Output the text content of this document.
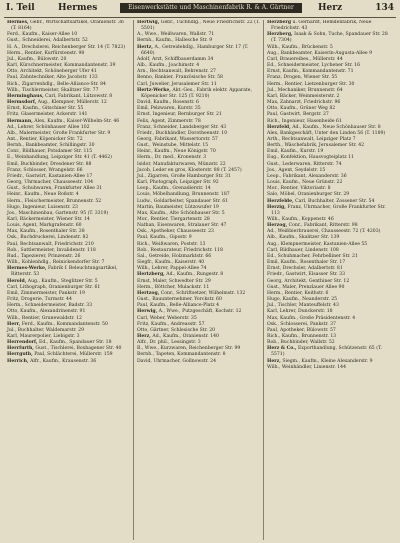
I. Teil	Hermes	Eisenwerkstätte und Maschinenfabrik R. & A. Gärtner	Herz	134

Hermes, Gebr., Wirtschaftsartikel, Oranienstr. 36 (T. 8164)

Ferd., Kaufm., Kaiser-Allee 10

Gust., Schneiderei, Adalbertstr. 52

H. A., Drechslerei, Reichenberger Str. 14 (T. 7823)

Herm., Rentier, Kurfürstenstr. 98

Jul., Kaufm., Bülowstr. 20

Karl, Kürschnermeister, Kommandantenstr. 39

Otto, Architekt, Schöneberger Ufer 41

Paul, Zahntechniker, Alte Jacobstr. 133

Rich., Zigarrenhdlg., Belle-Alliance-Str. 84

Wilh., Tischlermeister, Skalitzer Str. 77

Herminghaus, Carl, Fabrikant, Lützowstr. 8

Hermsdorf, Aug., Klempner, Müllerstr. 12

Ernst, Kaufm., Gitschiner Str. 55

Fritz, Glasermeister, Ackerstr. 141

Hermann, Alex, Kaufm., Kaiser-Wilhelm-Str. 46

Ad., Lehrer, Schönhauser Allee 102

Alb., Malermeister, Große Frankfurter Str. 9

Ant., Rentier, Köpenicker Str. 72

Bernh., Bankbeamter, Schillingstr. 30

Conr., Bildhauer, Potsdamer Str. 115

E., Weinhandlung, Leipziger Str. 41 (T. 4462)

Emil, Buchbinder, Dresdener Str. 88

Franz, Schlosser, Wrangelstr. 66

Friedr., Gastwirt, Kastanien-Allee 17

Georg, Uhrmacher, Chausseestr. 104

Gust., Schuhwaren, Frankfurter Allee 31

Heinr., Kaufm., Neue Roßstr. 4

Herm., Fleischermeister, Brunnenstr. 52

Hugo, Ingenieur, Luisenstr. 23

Jos., Maschinenbau, Gartenstr. 95 (T. 3319)

Karl, Bäckermeister, Wiener Str. 14

Louis, Agent, Markgrafenstr. 60

Max, Kaufm., Rosenthaler Str. 38

Osk., Buchdruckerei, Lindenstr. 82

Paul, Rechtsanwalt, Friedrichstr. 210

Rob., Sattlermeister, Invalidenstr. 118

Rud., Tapezierer, Prinzenstr. 26

Wilh., Kohlenhdlg., Reinickendorfer Str. 7

Hermes-Werke, Fabrik f. Beleuchtungsartikel, Ritterstr. 53

Herold, Aug., Kaufm., Steglitzer Str. 5

Carl, Lithograph, Oranienburger Str. 61

Emil, Zimmermeister, Pankstr. 19

Fritz, Drogerie, Turmstr. 44

Herm., Schneidermeister, Badstr. 33

Otto, Kaufm., Alexandrinenstr. 91

Wilh., Rentier, Grunewaldstr. 12

Herr, Ferd., Kaufm., Kommandantenstr. 50

Jul., Buchhalter, Waldemarstr. 29

Karl, Maurerpolier, Liebigstr. 3

Herrendorf, Ed., Kaufm., Spandauer Str. 18

Herrfurth, Gust., Tischlerei, Boxhagener Str. 40

Herrguth, Paul, Schlächterei, Müllerstr. 159

Herrich, Alfr., Kaufm., Krausenstr. 36

Hertwig, Gebr., Tuchhdlg., Neue Friedrichstr. 22 (T. 5501)

A., Wwe., Weißwaren, Wallstr. 71

Bernh., Kaufm., Hallesche Str. 9

Hertz, A., Getreidehdlg., Hamburger Str. 17 (T. 6640)

Adolf, Arzt, Schiffbauerdamm 34

Alb., Kaufm., Joachimstr. 4

Arn., Rechtsanwalt, Behrenstr. 27

Benno, Bankier, Französische Str. 58

Carl, Juwelier, Jerusalemer Str. 11

Hertz-Werke, Akt.-Ges., Fabrik elektr. Apparate, Köpenicker Str. 125 (T. 9210)

David, Kaufm., Rosenstr. 6

Emil, Pelzwaren, Kurstr. 35

Ernst, Ingenieur, Bernburger Str. 21

Felix, Agent, Zimmerstr. 78

Franz, Schneider, Landsberger Str. 43

Friedr., Buchhändler, Dorotheenstr. 10

Georg, Fabrikant, Wassertorstr. 57

Gust., Weinstube, Mittelstr. 15

Heinr., Kaufm., Neue Königstr. 70

Herm., Dr. med., Kronenstr. 3

Isidor, Manufakturwaren, Münzstr. 22

Jacob, Leder en gros, Klosterstr. 88 (T. 2457)

Jul., Zigarren, Große Hamburger Str. 31

Karl, Photograph, Leipziger Str. 92

Leop., Kaufm., Grenadierstr. 14

Louis, Möbelhandlung, Brunnenstr. 187

Ludw., Goldarbeiter, Spandauer Str. 61

Martin, Baumeister, Lützowufer 19

Max, Kaufm., Alte Schönhauser Str. 5

Mor., Rentier, Tiergartenstr. 28

Nathan, Eisenwaren, Stralauer Str. 47

Osk., Apotheker, Chausseestr. 23

Paul, Kaufm., Gipsstr. 9

Rich., Weißwaren, Poststr. 13

Rob., Restaurateur, Friedrichstr. 118

Sal., Getreide, Holzmarktstr. 66

Siegfr., Kaufm., Kaiserstr. 40

Wilh., Lehrer, Pappel-Allee 74

Hertzberg, Ad., Kaufm., Rungestr. 8

Ernst, Maler, Schwedter Str. 29

Herm., Böttcher, Mulackstr. 11

Hertzog, Conr., Schriftsetzer, Wilhelmstr. 132

Gust., Bauunternehmer, Yorckstr. 60

Paul, Kaufm., Belle-Alliance-Platz 4

Herwig, A., Wwe., Putzgeschäft, Kochstr. 12

Carl, Weber, Weberstr. 35

Fritz, Kaufm., Andreasstr. 57

Otto, Gärtner, Schlesische Str. 20

Herz, Ad., Kaufm., Oranienstr. 140

Alfr., Dr. phil., Lessingstr. 3

B., Wwe., Kurzwaren, Reichenberger Str. 99

Bernh., Tapeten, Kommandantenstr. 8

David, Uhrmacher, Gollnowstr. 24

Herzberg u. Gerhardt, Hemdenfabrik, Neue Friedrichstr. 43

Herzberg, Isaak & Sohn, Tuche, Spandauer Str. 28 (T. 7304)

Wilh., Kaufm., Brückenstr. 5

Aug., Bankbeamter, Kaiserin-Augusta-Allee 9

Carl, Brauereibes., Müllerstr. 44

Ed., Schneidermeister, Lychener Str. 16

Ernst, Kaufm., Kommandantenstr. 71

Franz, Drogen, Wiener Str. 55

Herm., Rentier, Lietzenburger Str. 30

Jul., Mechaniker, Brunnenstr. 64

Karl, Bäcker, Weinmeisterstr. 2

Max, Zahnarzt, Friedrichstr. 96

Otto, Kaufm., Grüner Weg 82

Paul, Gastwirt, Bergstr. 27

Rich., Ingenieur, Hasenheide 61

Herzfeld, Ad., Kaufm., Neue Schönhauser Str. 8

Alex, Bankgeschäft, Unter den Linden 56 (T. 1189)

Arth., Rechtsanwalt, Leipziger Platz 7

Berth., Wäschefabrik, Jerusalemer Str. 42

Emil, Kaufm., Kurstr. 19

Eug., Konfektion, Hausvogteiplatz 11

Gust., Lederwaren, Ritterstr. 74

Jos., Agent, Seydelstr. 15

Leop., Fabrikant, Alexanderstr. 36

Louis, Kaufm., Neue Grünstr. 22

Mor., Rentier, Viktoriastr. 8

Salo, Möbel, Oranienburger Str. 29

Herzfelde, Carl, Buchhalter, Zossener Str. 54

Herzig, Franz, Uhrmacher, Große Frankfurter Str. 113

Wilh., Kaufm., Koppenstr. 46

Herzog, Conr., Fabrikant, Ritterstr. 98

Ad., Weißbierbrauerei, Chausseestr. 72 (T. 4203)

Alb., Kaufm., Skalitzer Str. 139

Aug., Klempnermeister, Kastanien-Allee 55

Carl, Bildhauer, Lindenstr. 108

Ed., Schuhmacher, Fehrbelliner Str. 21

Emil, Kaufm., Rosenthaler Str. 17

Ernst, Drechsler, Adalbertstr. 81

Friedr., Gastwirt, Elsasser Str. 33

Georg, Architekt, Genthiner Str. 12

Gust., Maler, Prenzlauer Allee 90

Herm., Rentier, Keithstr. 6

Hugo, Kaufm., Neanderstr. 25

Jul., Tischler, Manteuffelstr. 43

Karl, Lehrer, Dunckerstr. 18

Max, Kaufm., Große Präsidentenstr. 4

Osk., Schlosserei, Pankstr. 37

Paul, Apotheker, Bülowstr. 57

Rich., Kaufm., Brunnenstr. 13

Rob., Buchbinder, Wallstr. 52

Herz & Co., Exporthandlung, Schützenstr. 65 (T. 5571)

Herz, Siegm., Kaufm., Kleine Alexanderstr. 9

Wilh., Weinhändler, Linienstr. 144
